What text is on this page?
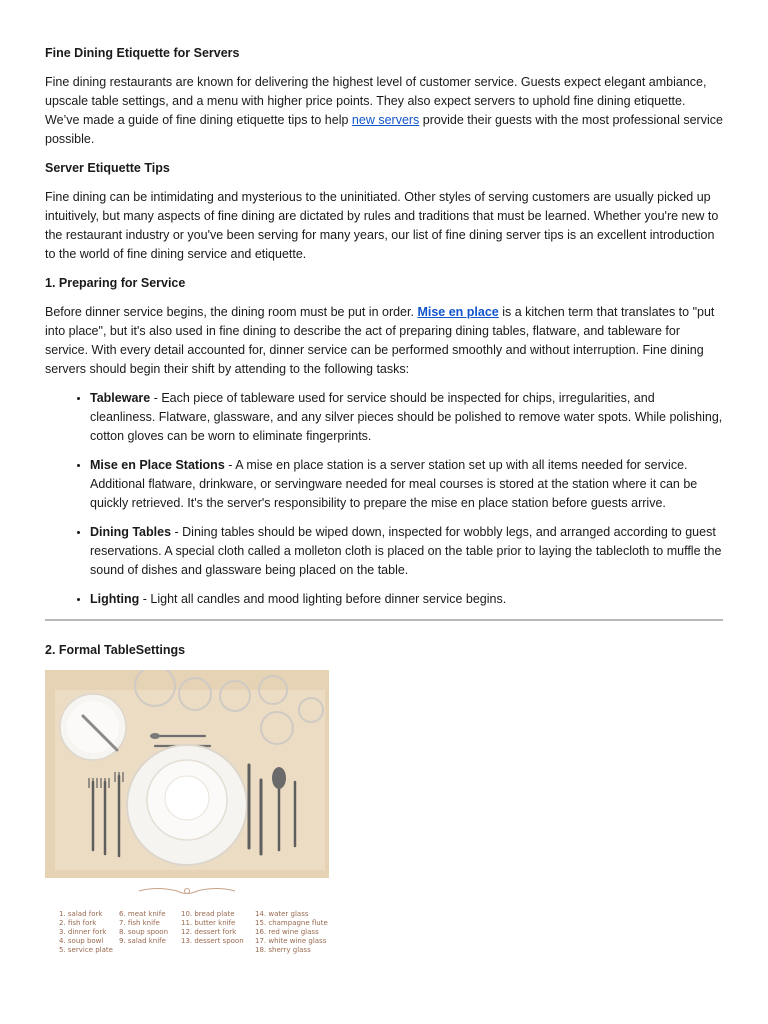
Fine Dining Etiquette for Servers

Fine dining restaurants are known for delivering the highest level of customer service. Guests expect elegant ambiance, upscale table settings, and a menu with higher price points. They also expect servers to uphold fine dining etiquette. We’ve made a guide of fine dining etiquette tips to help new servers provide their guests with the most professional service possible.

Server Etiquette Tips

Fine dining can be intimidating and mysterious to the uninitiated. Other styles of serving customers are usually picked up intuitively, but many aspects of fine dining are dictated by rules and traditions that must be learned. Whether you're new to the restaurant industry or you've been serving for many years, our list of fine dining server tips is an excellent introduction to the world of fine dining service and etiquette.

1. Preparing for Service

Before dinner service begins, the dining room must be put in order. Mise en place is a kitchen term that translates to "put into place", but it's also used in fine dining to describe the act of preparing dining tables, flatware, and tableware for service. With every detail accounted for, dinner service can be performed smoothly and without interruption. Fine dining servers should begin their shift by attending to the following tasks:

• Tableware - Each piece of tableware used for service should be inspected for chips, irregularities, and cleanliness. Flatware, glassware, and any silver pieces should be polished to remove water spots. While polishing, cotton gloves can be worn to eliminate fingerprints.
• Mise en Place Stations - A mise en place station is a server station set up with all items needed for service. Additional flatware, drinkware, or servingware needed for meal courses is stored at the station where it can be quickly retrieved. It's the server's responsibility to prepare the mise en place station before guests arrive.
• Dining Tables - Dining tables should be wiped down, inspected for wobbly legs, and arranged according to guest reservations. A special cloth called a molleton cloth is placed on the table prior to laying the tablecloth to muffle the sound of dishes and glassware being placed on the table.
• Lighting - Light all candles and mood lighting before dinner service begins.
2. Formal TableSettings
1. salad fork
2. fish fork
3. dinner fork
4. soup bowl
5. service plate
6. meat knife
7. fish knife
8. soup spoon
9. salad knife
10. bread plate
11. butter knife
12. dessert fork
13. dessert spoon
14. water glass
15. champagne flute
16. red wine glass
17. white wine glass
18. sherry glass
